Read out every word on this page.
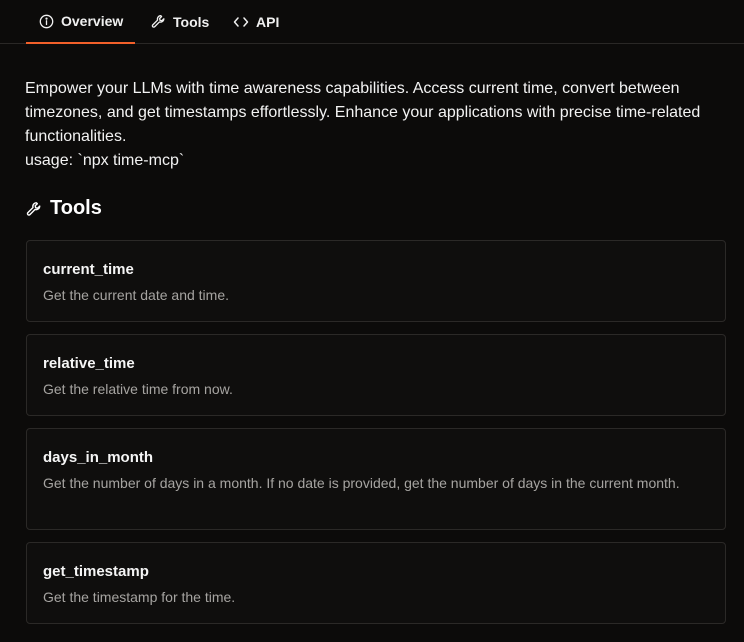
Overview	Tools	API

Empower your LLMs with time awareness capabilities. Access current time, convert between timezones, and get timestamps effortlessly. Enhance your applications with precise time-related functionalities.

usage: `npx time-mcp`

Tools
current_time
Get the current date and time.
relative_time
Get the relative time from now.
days_in_month
Get the number of days in a month. If no date is provided, get the number of days in the current month.
get_timestamp
Get the timestamp for the time.
